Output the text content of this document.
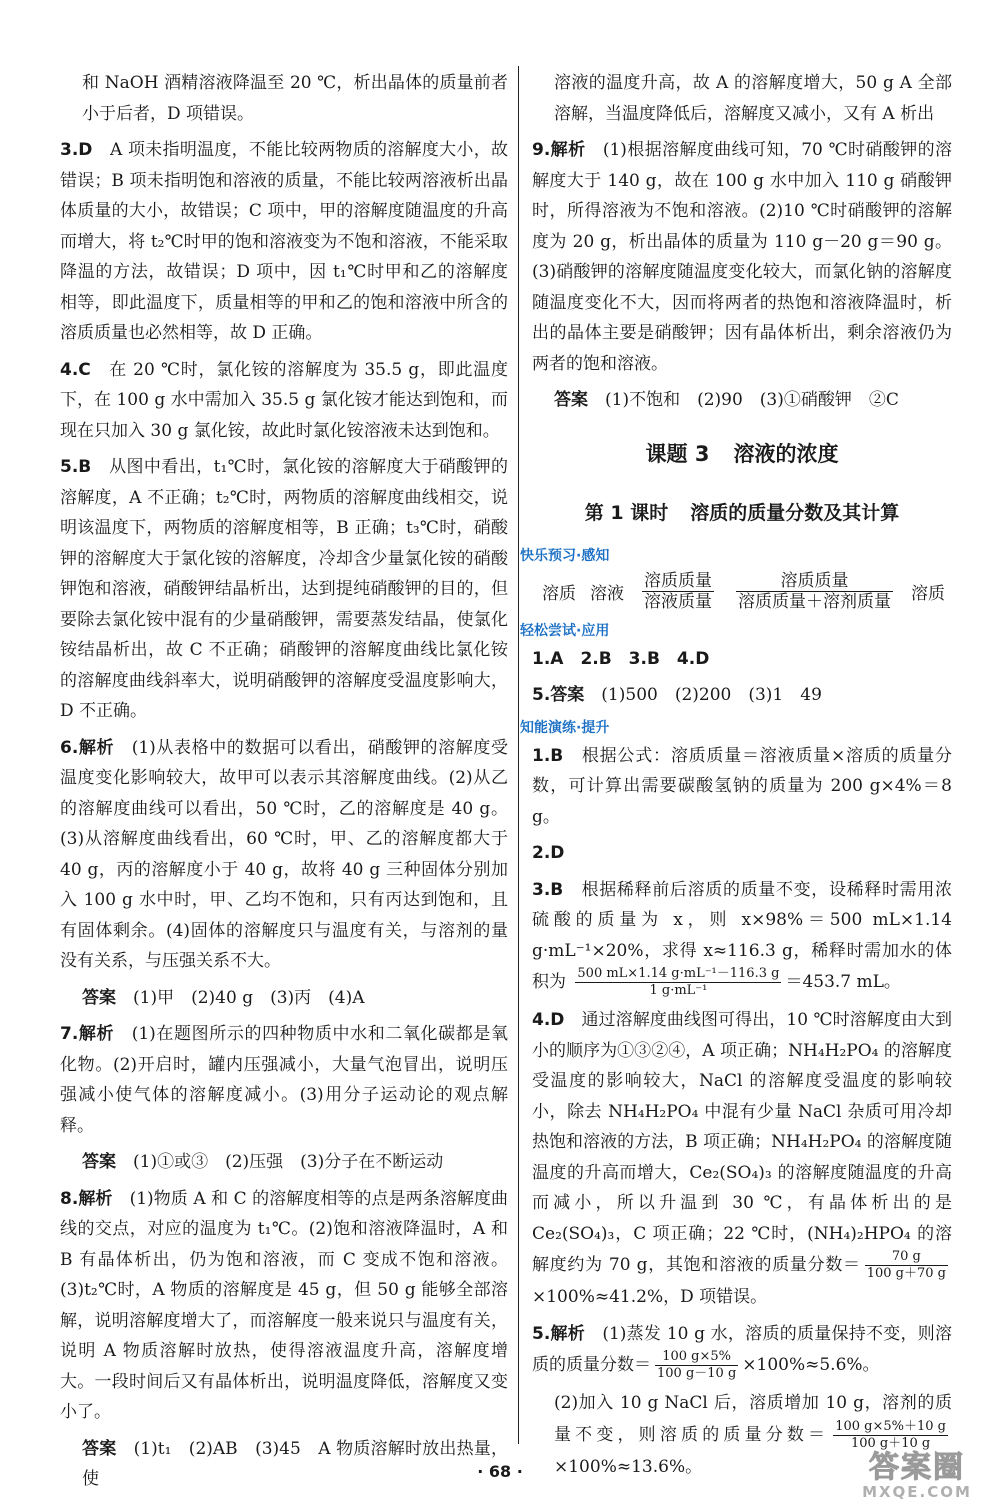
和 NaOH 酒精溶液降温至 20 ℃，析出晶体的质量前者小于后者，D 项错误。

3.D　 A 项未指明温度，不能比较两物质的溶解度大小，故错误；B 项未指明饱和溶液的质量，不能比较两溶液析出晶体质量的大小，故错误；C 项中，甲的溶解度随温度的升高而增大，将 t₂℃时甲的饱和溶液变为不饱和溶液，不能采取降温的方法，故错误；D 项中，因 t₁℃时甲和乙的溶解度相等，即此温度下，质量相等的甲和乙的饱和溶液中所含的溶质质量也必然相等，故 D 正确。

4.C　 在 20 ℃时，氯化铵的溶解度为 35.5 g，即此温度下，在 100 g 水中需加入 35.5 g 氯化铵才能达到饱和，而现在只加入 30 g 氯化铵，故此时氯化铵溶液未达到饱和。

5.B　 从图中看出，t₁℃时，氯化铵的溶解度大于硝酸钾的溶解度，A 不正确；t₂℃时，两物质的溶解度曲线相交，说明该温度下，两物质的溶解度相等，B 正确；t₃℃时，硝酸钾的溶解度大于氯化铵的溶解度，冷却含少量氯化铵的硝酸钾饱和溶液，硝酸钾结晶析出，达到提纯硝酸钾的目的，但要除去氯化铵中混有的少量硝酸钾，需要蒸发结晶，使氯化铵结晶析出，故 C 不正确；硝酸钾的溶解度曲线比氯化铵的溶解度曲线斜率大，说明硝酸钾的溶解度受温度影响大，D 不正确。

6.解析　 (1)从表格中的数据可以看出，硝酸钾的溶解度受温度变化影响较大，故甲可以表示其溶解度曲线。(2)从乙的溶解度曲线可以看出，50 ℃时，乙的溶解度是 40 g。(3)从溶解度曲线看出，60 ℃时，甲、乙的溶解度都大于 40 g，丙的溶解度小于 40 g，故将 40 g 三种固体分别加入 100 g 水中时，甲、乙均不饱和，只有丙达到饱和，且有固体剩余。(4)固体的溶解度只与温度有关，与溶剂的量没有关系，与压强关系不大。

答案　 (1)甲　(2)40 g　(3)丙　(4)A

7.解析　 (1)在题图所示的四种物质中水和二氧化碳都是氧化物。(2)开启时，罐内压强减小，大量气泡冒出，说明压强减小使气体的溶解度减小。(3)用分子运动论的观点解释。

答案　 (1)①或③　(2)压强　(3)分子在不断运动

8.解析　 (1)物质 A 和 C 的溶解度相等的点是两条溶解度曲线的交点，对应的温度为 t₁℃。(2)饱和溶液降温时，A 和 B 有晶体析出，仍为饱和溶液，而 C 变成不饱和溶液。(3)t₂℃时，A 物质的溶解度是 45 g，但 50 g 能够全部溶解，说明溶解度增大了，而溶解度一般来说只与温度有关，说明 A 物质溶解时放热，使得溶液温度升高，溶解度增大。一段时间后又有晶体析出，说明温度降低，溶解度又变小了。

答案　 (1)t₁　(2)AB　(3)45　A 物质溶解时放出热量，使

溶液的温度升高，故 A 的溶解度增大，50 g A 全部溶解，当温度降低后，溶解度又减小，又有 A 析出

9.解析　 (1)根据溶解度曲线可知，70 ℃时硝酸钾的溶解度大于 140 g，故在 100 g 水中加入 110 g 硝酸钾时，所得溶液为不饱和溶液。(2)10 ℃时硝酸钾的溶解度为 20 g，析出晶体的质量为 110 g－20 g＝90 g。(3)硝酸钾的溶解度随温度变化较大，而氯化钠的溶解度随温度变化不大，因而将两者的热饱和溶液降温时，析出的晶体主要是硝酸钾；因有晶体析出，剩余溶液仍为两者的饱和溶液。

答案　 (1)不饱和　(2)90　(3)①硝酸钾　②C

课题 3 溶液的浓度
第 1 课时 溶质的质量分数及其计算
快乐预习·感知
溶质 溶液 $\frac{\text{溶质质量}}{\text{溶液质量}} \frac{\text{溶质质量}}{\text{溶质质量＋溶剂质量}}$ 溶质
轻松尝试·应用

1.A　2.B　3.B　4.D

5.答案　 (1)500　(2)200　(3)1　49

知能演练·提升

1.B　 根据公式：溶质质量＝溶液质量×溶质的质量分数，可计算出需要碳酸氢钠的质量为 200 g×4%＝8 g。

2.D

3.B　 根据稀释前后溶质的质量不变，设稀释时需用浓硫酸的质量为 x，则 x×98%＝500 mL×1.14 g·mL⁻¹×20%，求得 x≈116.3 g，稀释时需加水的体积为 $\frac{\text{500 mL×1.14 g·mL⁻¹－116.3 g}}{\text{1 g·mL⁻¹}} =453.7$ mL。

4.D　 通过溶解度曲线图可得出，10 ℃时溶解度由大到小的顺序为①③②④，A 项正确；NH₄H₂PO₄ 的溶解度受温度的影响较大，NaCl 的溶解度受温度的影响较小，除去 NH₄H₂PO₄ 中混有少量 NaCl 杂质可用冷却热饱和溶液的方法，B 项正确；NH₄H₂PO₄ 的溶解度随温度的升高而增大，Ce₂(SO₄)₃ 的溶解度随温度的升高而减小，所以升温到 30 ℃，有晶体析出的是 Ce₂(SO₄)₃，C 项正确；22 ℃时，(NH₄)₂HPO₄ 的溶解度约为 70 g，其饱和溶液的质量分数＝ $\frac{70 g}{100 g+70 g}$
×100%≈41.2%，D 项错误。

5.解析　 (1)蒸发 10 g 水，溶质的质量保持不变，则溶质的质量分数＝ $\frac{100 g\times 5\%}{100 g-10 g} \times 100\%\approx 5.6\%$。

(2)加入 10 g NaCl 后，溶质增加 10 g，溶剂的质量不变，则溶质的质量分数＝ $\frac{100 g\times 5\%+10 g}{100 g+10 g}$
×100%≈13.6%。

· 68 ·	答案圈
MXQE.COM
